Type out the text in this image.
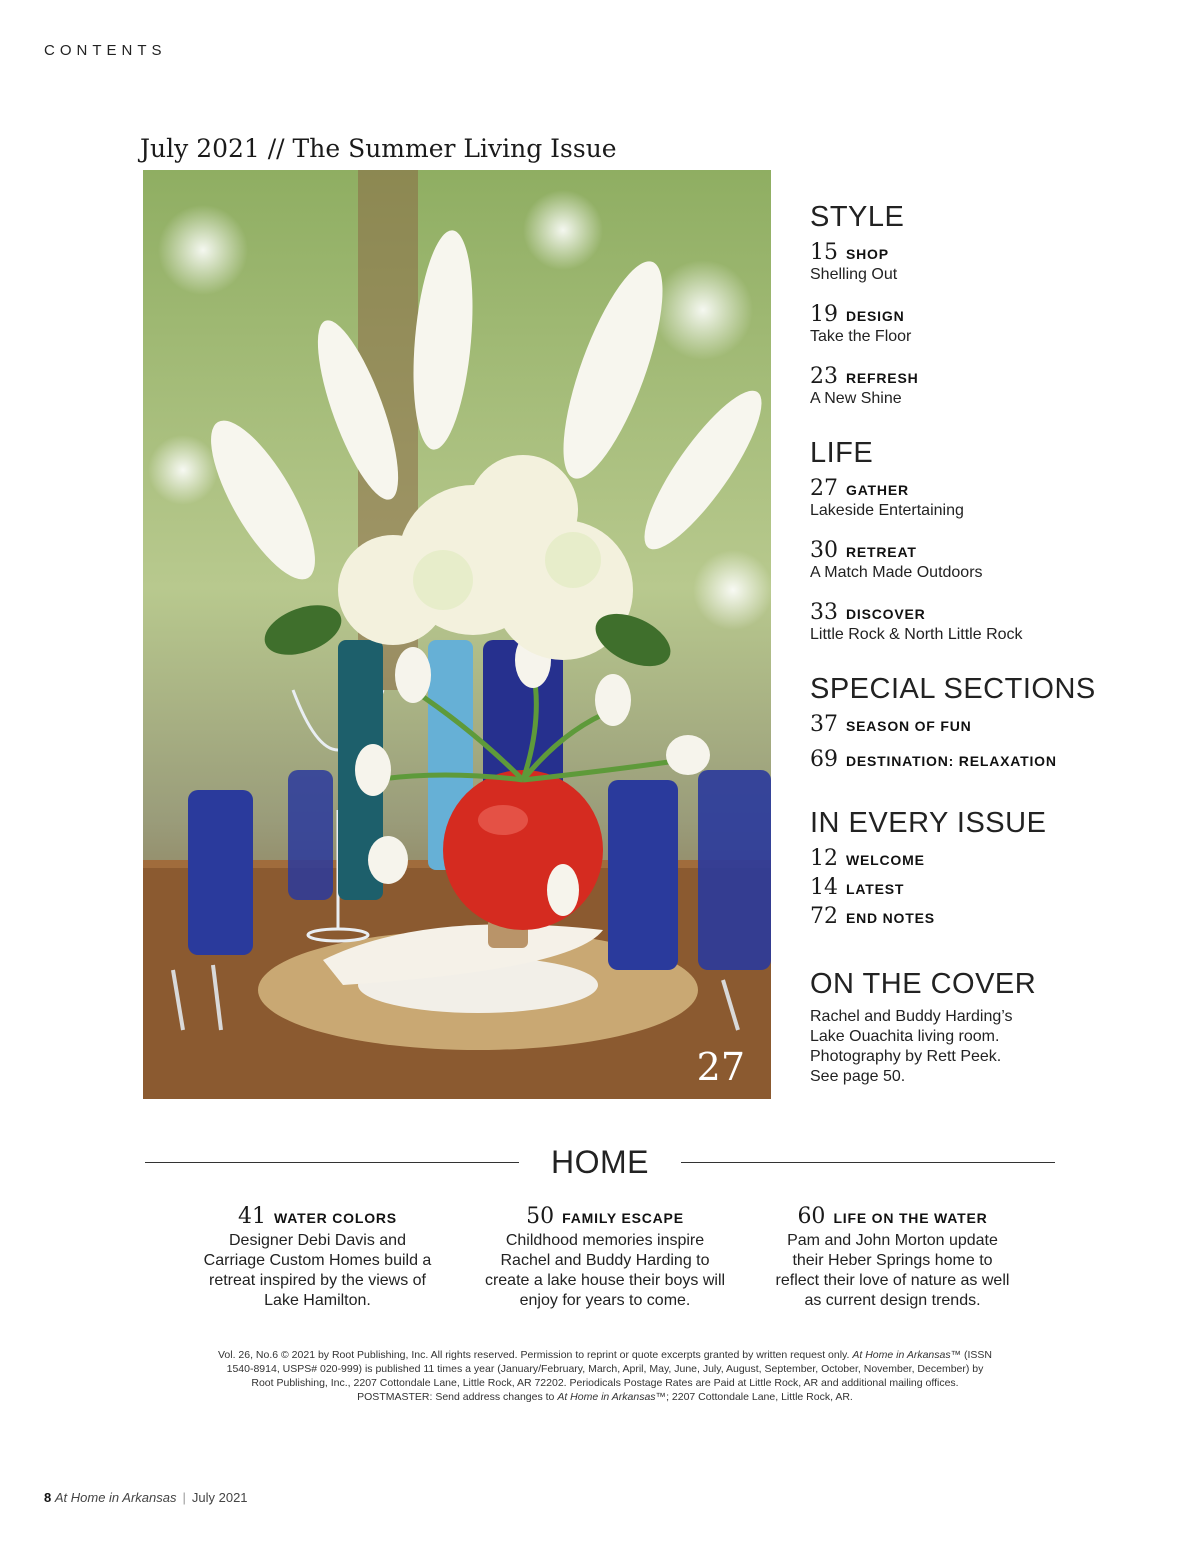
CONTENTS
July 2021 // The Summer Living Issue
27
STYLE
15 SHOP
Shelling Out
19 DESIGN
Take the Floor
23 REFRESH
A New Shine
LIFE
27 GATHER
Lakeside Entertaining
30 RETREAT
A Match Made Outdoors
33 DISCOVER
Little Rock & North Little Rock
SPECIAL SECTIONS
37 SEASON OF FUN
69 DESTINATION: RELAXATION
IN EVERY ISSUE
12 WELCOME
14 LATEST
72 END NOTES
ON THE COVER
Rachel and Buddy Harding’s
Lake Ouachita living room.
Photography by Rett Peek.
See page 50.
HOME
41 WATER COLORS
Designer Debi Davis and
Carriage Custom Homes build a
retreat inspired by the views of
Lake Hamilton.
50 FAMILY ESCAPE
Childhood memories inspire
Rachel and Buddy Harding to
create a lake house their boys will
enjoy for years to come.
60 LIFE ON THE WATER
Pam and John Morton update
their Heber Springs home to
reflect their love of nature as well
as current design trends.
Vol. 26, No.6 © 2021 by Root Publishing, Inc. All rights reserved. Permission to reprint or quote excerpts granted by written request only. At Home in Arkansas™ (ISSN 1540-8914, USPS# 020-999) is published 11 times a year (January/February, March, April, May, June, July, August, September, October, November, December) by Root Publishing, Inc., 2207 Cottondale Lane, Little Rock, AR 72202. Periodicals Postage Rates are Paid at Little Rock, AR and additional mailing offices. POSTMASTER: Send address changes to At Home in Arkansas™; 2207 Cottondale Lane, Little Rock, AR.
8 At Home in Arkansas | July 2021
